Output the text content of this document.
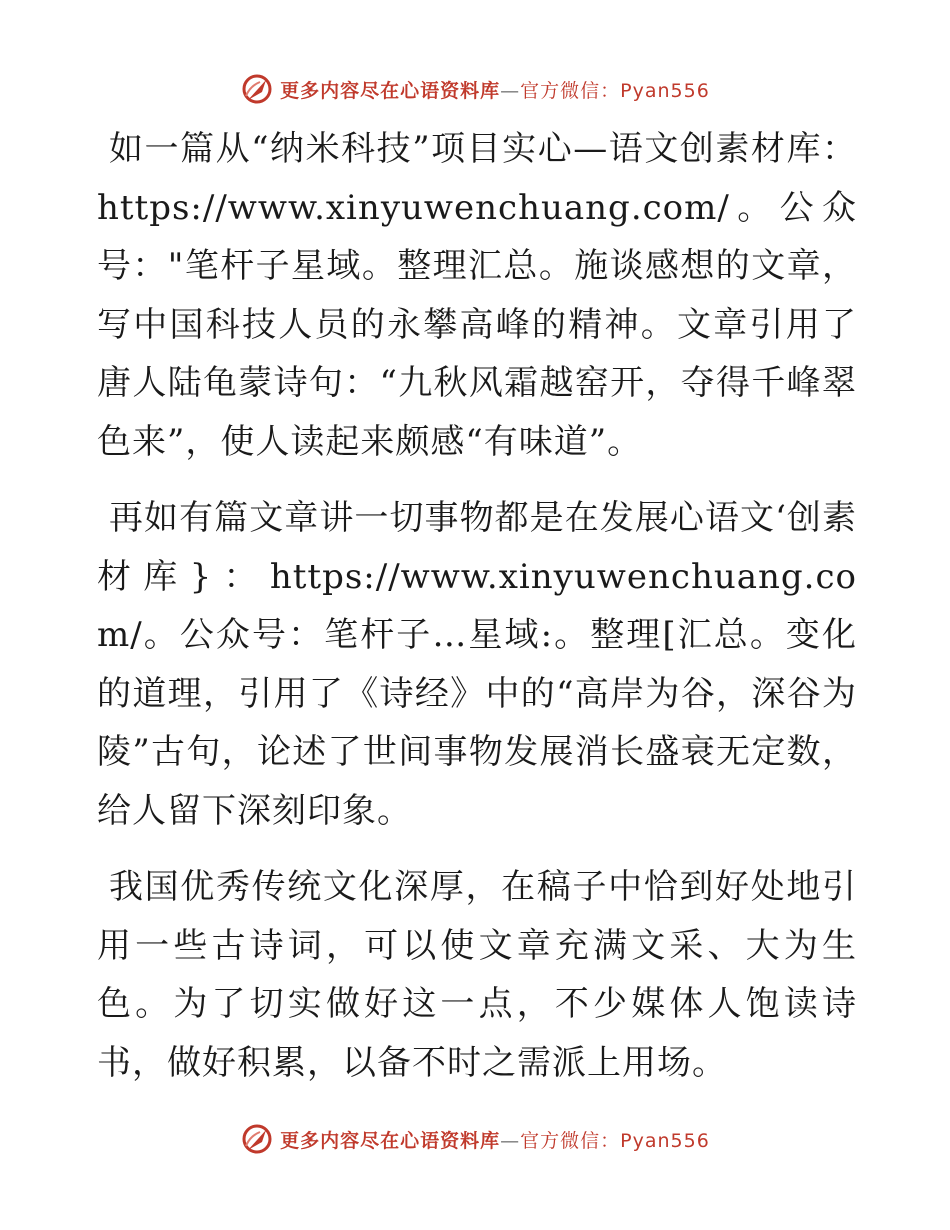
更多内容尽在心语资料库—官方微信：Pyan556

如一篇从“纳米科技”项目实心—语文创素材库：https://www.xinyuwenchuang.com/。公众号："笔杆子星域。整理汇总。施谈感想的文章，写中国科技人员的永攀高峰的精神。文章引用了唐人陆龟蒙诗句：“九秋风霜越窑开，夺得千峰翠色来”，使人读起来颇感“有味道”。

再如有篇文章讲一切事物都是在发展心语文‘创素材库}：https://www.xinyuwenchuang.com/。公众号：笔杆子…星域:。整理[汇总。变化的道理，引用了《诗经》中的“高岸为谷，深谷为陵”古句，论述了世间事物发展消长盛衰无定数，给人留下深刻印象。

我国优秀传统文化深厚，在稿子中恰到好处地引用一些古诗词，可以使文章充满文采、大为生色。为了切实做好这一点，不少媒体人饱读诗书，做好积累，以备不时之需派上用场。

更多内容尽在心语资料库—官方微信：Pyan556
